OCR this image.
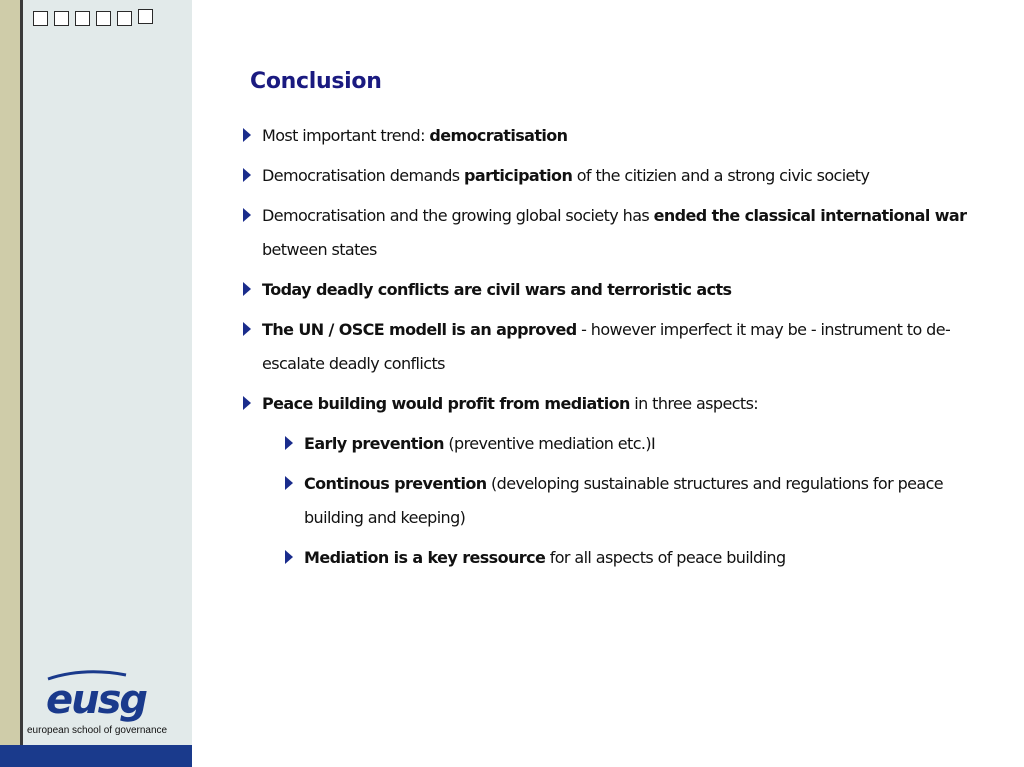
Conclusion
Most important trend: democratisation
Democratisation demands participation of the citizien and a strong civic society
Democratisation and the growing global society has ended the classical international war between states
Today deadly conflicts are civil wars and terroristic acts
The UN / OSCE modell is an approved - however imperfect it may be - instrument to de-escalate deadly conflicts
Peace building would profit from mediation in three aspects:
Early prevention (preventive mediation etc.)I
Continous prevention (developing sustainable structures and regulations for peace building and keeping)
Mediation is a key ressource for all aspects of peace building
eusg
european school of governance
